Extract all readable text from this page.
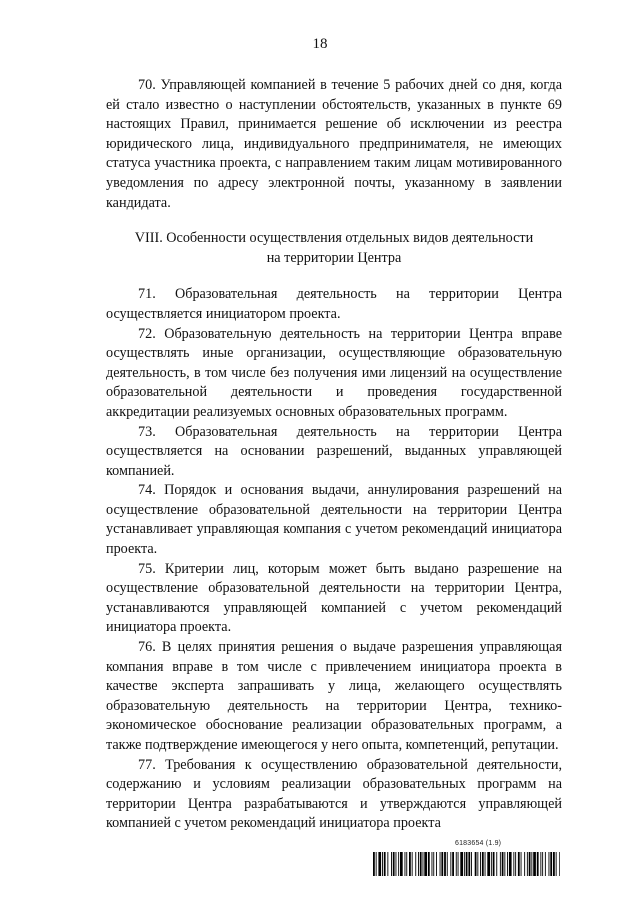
18

70. Управляющей компанией в течение 5 рабочих дней со дня, когда ей стало известно о наступлении обстоятельств, указанных в пункте 69 настоящих Правил, принимается решение об исключении из реестра юридического лица, индивидуального предпринимателя, не имеющих статуса участника проекта, с направлением таким лицам мотивированного уведомления по адресу электронной почты, указанному в заявлении кандидата.

VIII. Особенности осуществления отдельных видов деятельности
на территории Центра

71. Образовательная деятельность на территории Центра осуществляется инициатором проекта.

72. Образовательную деятельность на территории Центра вправе осуществлять иные организации, осуществляющие образовательную деятельность, в том числе без получения ими лицензий на осуществление образовательной деятельности и проведения государственной аккредитации реализуемых основных образовательных программ.

73. Образовательная деятельность на территории Центра осуществляется на основании разрешений, выданных управляющей компанией.

74. Порядок и основания выдачи, аннулирования разрешений на осуществление образовательной деятельности на территории Центра устанавливает управляющая компания с учетом рекомендаций инициатора проекта.

75. Критерии лиц, которым может быть выдано разрешение на осуществление образовательной деятельности на территории Центра, устанавливаются управляющей компанией с учетом рекомендаций инициатора проекта.

76. В целях принятия решения о выдаче разрешения управляющая компания вправе в том числе с привлечением инициатора проекта в качестве эксперта запрашивать у лица, желающего осуществлять образовательную деятельность на территории Центра, технико-экономическое обоснование реализации образовательных программ, а также подтверждение имеющегося у него опыта, компетенций, репутации.

77. Требования к осуществлению образовательной деятельности, содержанию и условиям реализации образовательных программ на территории Центра разрабатываются и утверждаются управляющей компанией с учетом рекомендаций инициатора проекта

6183654 (1.9)
